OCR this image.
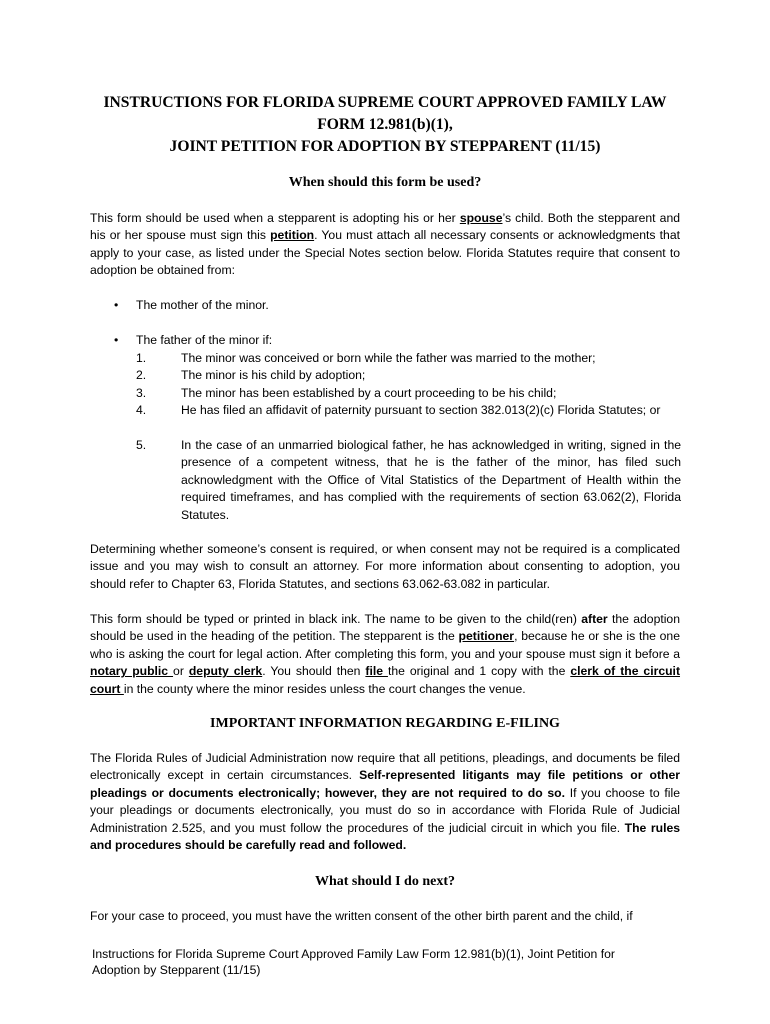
INSTRUCTIONS FOR FLORIDA SUPREME COURT APPROVED FAMILY LAW
FORM 12.981(b)(1),
JOINT PETITION FOR ADOPTION BY STEPPARENT (11/15)
When should this form be used?
This form should be used when a stepparent is adopting his or her spouse’s child. Both the stepparent and his or her spouse must sign this petition. You must attach all necessary consents or acknowledgments that apply to your case, as listed under the Special Notes section below. Florida Statutes require that consent to adoption be obtained from:
• The mother of the minor.
• The father of the minor if:
1.	The minor was conceived or born while the father was married to the mother;
2.	The minor is his child by adoption;
3.	The minor has been established by a court proceeding to be his child;
4.	He has filed an affidavit of paternity pursuant to section 382.013(2)(c) Florida Statutes; or
5.	In the case of an unmarried biological father, he has acknowledged in writing, signed in the presence of a competent witness, that he is the father of the minor, has filed such acknowledgment with the Office of Vital Statistics of the Department of Health within the required timeframes, and has complied with the requirements of section 63.062(2), Florida Statutes.
Determining whether someone’s consent is required, or when consent may not be required is a complicated issue and you may wish to consult an attorney. For more information about consenting to adoption, you should refer to Chapter 63, Florida Statutes, and sections 63.062-63.082 in particular.
This form should be typed or printed in black ink. The name to be given to the child(ren) after the adoption should be used in the heading of the petition. The stepparent is the petitioner, because he or she is the one who is asking the court for legal action. After completing this form, you and your spouse must sign it before a notary public or deputy clerk. You should then file the original and 1 copy with the clerk of the circuit court in the county where the minor resides unless the court changes the venue.
IMPORTANT INFORMATION REGARDING E-FILING
The Florida Rules of Judicial Administration now require that all petitions, pleadings, and documents be filed electronically except in certain circumstances. Self-represented litigants may file petitions or other pleadings or documents electronically; however, they are not required to do so. If you choose to file your pleadings or documents electronically, you must do so in accordance with Florida Rule of Judicial Administration 2.525, and you must follow the procedures of the judicial circuit in which you file. The rules and procedures should be carefully read and followed.
What should I do next?
For your case to proceed, you must have the written consent of the other birth parent and the child, if
Instructions for Florida Supreme Court Approved Family Law Form 12.981(b)(1), Joint Petition for
Adoption by Stepparent (11/15)
